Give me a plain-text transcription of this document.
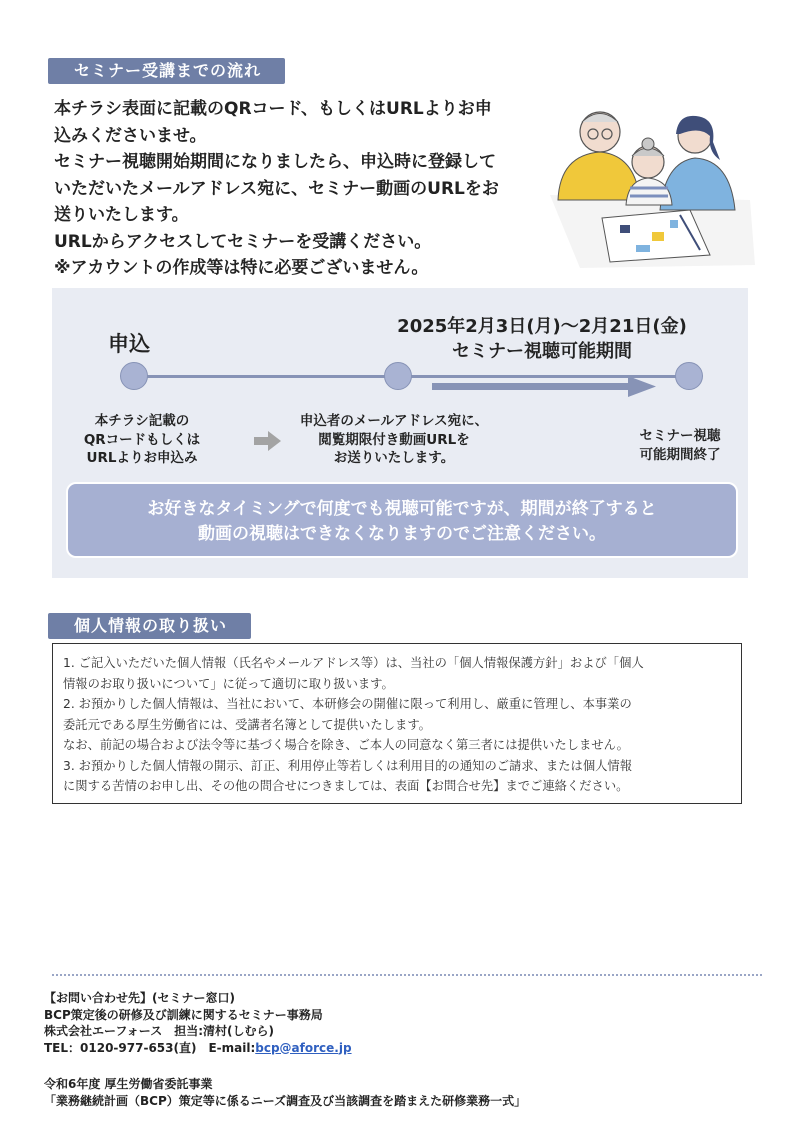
セミナー受講までの流れ

本チラシ表面に記載のQRコード、もしくはURLよりお申

込みくださいませ。

セミナー視聴開始期間になりましたら、申込時に登録して

いただいたメールアドレス宛に、セミナー動画のURLをお

送りいたします。

URLからアクセスしてセミナーを受講ください。

※アカウントの作成等は特に必要ございません。

個人情報の取り扱い
申込
2025年2月3日(月)～2月21日(金)
セミナー視聴可能期間
本チラシ記載の
QRコードもしくは
URLよりお申込み
申込者のメールアドレス宛に、
閲覧期限付き動画URLを
お送りいたします。
セミナー視聴
可能期間終了
お好きなタイミングで何度でも視聴可能ですが、期間が終了すると
動画の視聴はできなくなりますのでご注意ください。

1. ご記入いただいた個人情報（氏名やメールアドレス等）は、当社の「個人情報保護方針」および「個人

情報のお取り扱いについて」に従って適切に取り扱います。

2. お預かりした個人情報は、当社において、本研修会の開催に限って利用し、厳重に管理し、本事業の

委託元である厚生労働省には、受講者名簿として提供いたします。

なお、前記の場合および法令等に基づく場合を除き、ご本人の同意なく第三者には提供いたしません。

3. お預かりした個人情報の開示、訂正、利用停止等若しくは利用目的の通知のご請求、または個人情報

に関する苦情のお申し出、その他の問合せにつきましては、表面【お問合せ先】までご連絡ください。

【お問い合わせ先】(セミナー窓口)

BCP策定後の研修及び訓練に関するセミナー事務局

株式会社エーフォース　担当:清村(しむら)

TEL：0120-977-653(直)　E-mail:bcp@aforce.jp

令和6年度 厚生労働省委託事業

「業務継続計画（BCP）策定等に係るニーズ調査及び当該調査を踏まえた研修業務一式」
